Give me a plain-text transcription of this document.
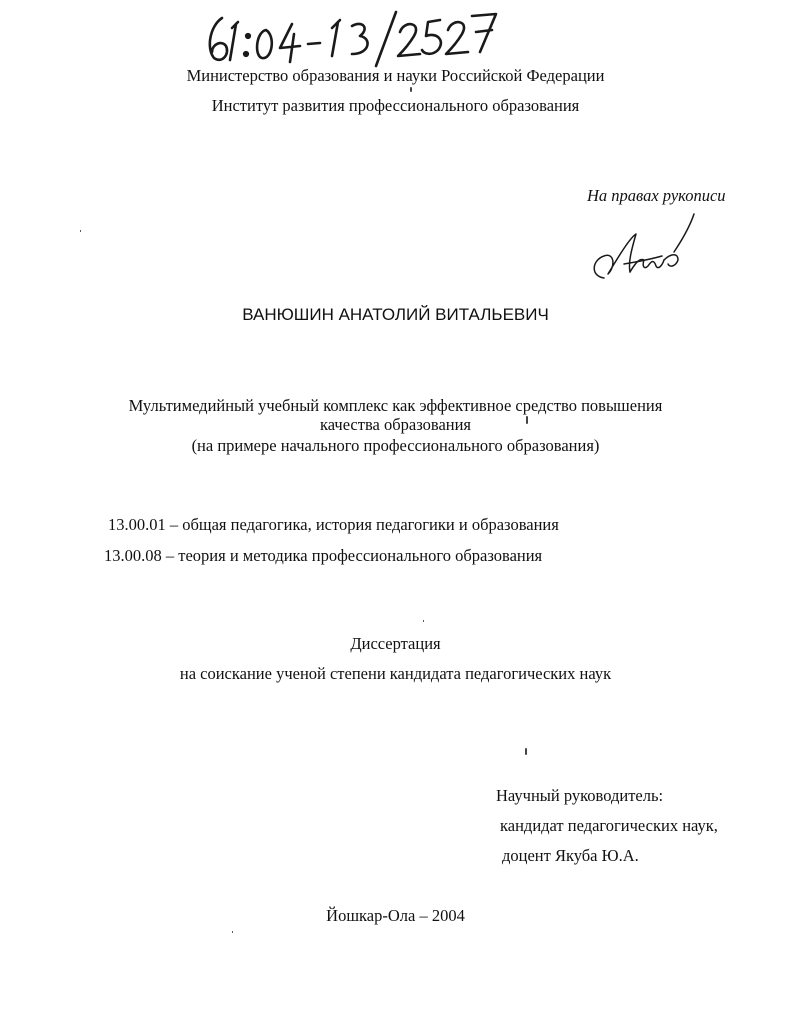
Министерство образования и науки Российской Федерации
Институт развития профессионального образования
На правах рукописи
ВАНЮШИН АНАТОЛИЙ ВИТАЛЬЕВИЧ
Мультимедийный учебный комплекс как эффективное средство повышения
качества образования
(на примере начального профессионального образования)
13.00.01 – общая педагогика, история педагогики и образования
13.00.08 – теория и методика профессионального образования
Диссертация
на соискание ученой степени кандидата педагогических наук
Научный руководитель:
кандидат педагогических наук,
доцент Якуба Ю.А.
Йошкар-Ола – 2004
